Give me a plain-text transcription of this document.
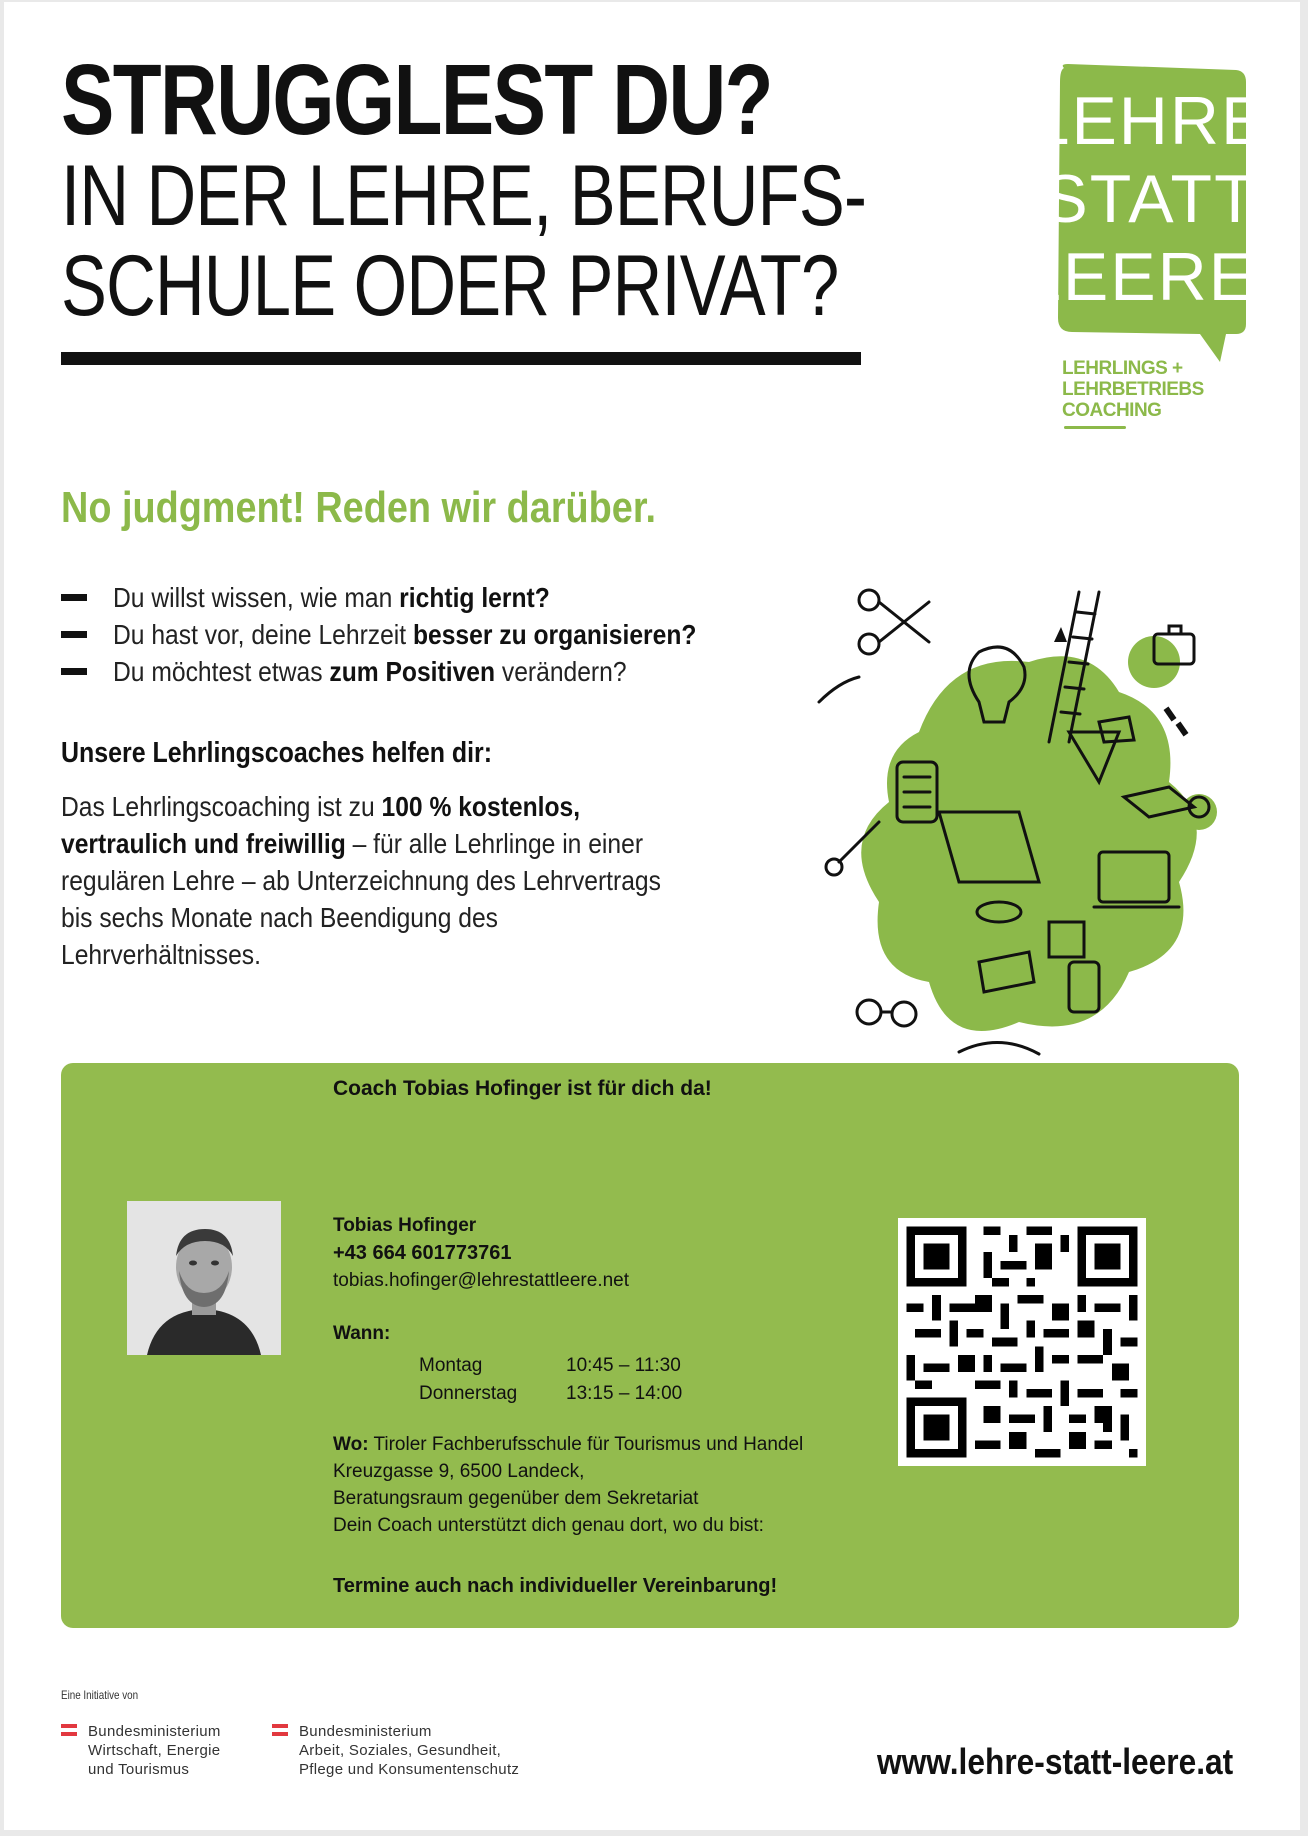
STRUGGLEST DU?
IN DER LEHRE, BERUFS-
SCHULE ODER PRIVAT?
LEHRE
STATT
LEERE.
LEHRLINGS +
LEHRBETRIEBS
COACHING
No judgment! Reden wir darüber.
Du willst wissen, wie man richtig lernt?
Du hast vor, deine Lehrzeit besser zu organisieren?
Du möchtest etwas zum Positiven verändern?
Unsere Lehrlingscoaches helfen dir:
Das Lehrlingscoaching ist zu 100 % kostenlos, vertraulich und freiwillig – für alle Lehrlinge in einer regulären Lehre – ab Unterzeichnung des Lehrvertrags bis sechs Monate nach Beendigung des Lehrverhältnisses.
Coach Tobias Hofinger ist für dich da!
Tobias Hofinger
+43 664 601773761
tobias.hofinger@lehrestattleere.net
Wann:
Montag	10:45 – 11:30
Donnerstag	13:15 – 14:00
Wo: Tiroler Fachberufsschule für Tourismus und Handel
Kreuzgasse 9, 6500 Landeck,
Beratungsraum gegenüber dem Sekretariat
Dein Coach unterstützt dich genau dort, wo du bist:
Termine auch nach individueller Vereinbarung!
Eine Initiative von
Bundesministerium
Wirtschaft, Energie
und Tourismus
Bundesministerium
Arbeit, Soziales, Gesundheit,
Pflege und Konsumentenschutz	www.lehre-statt-leere.at
